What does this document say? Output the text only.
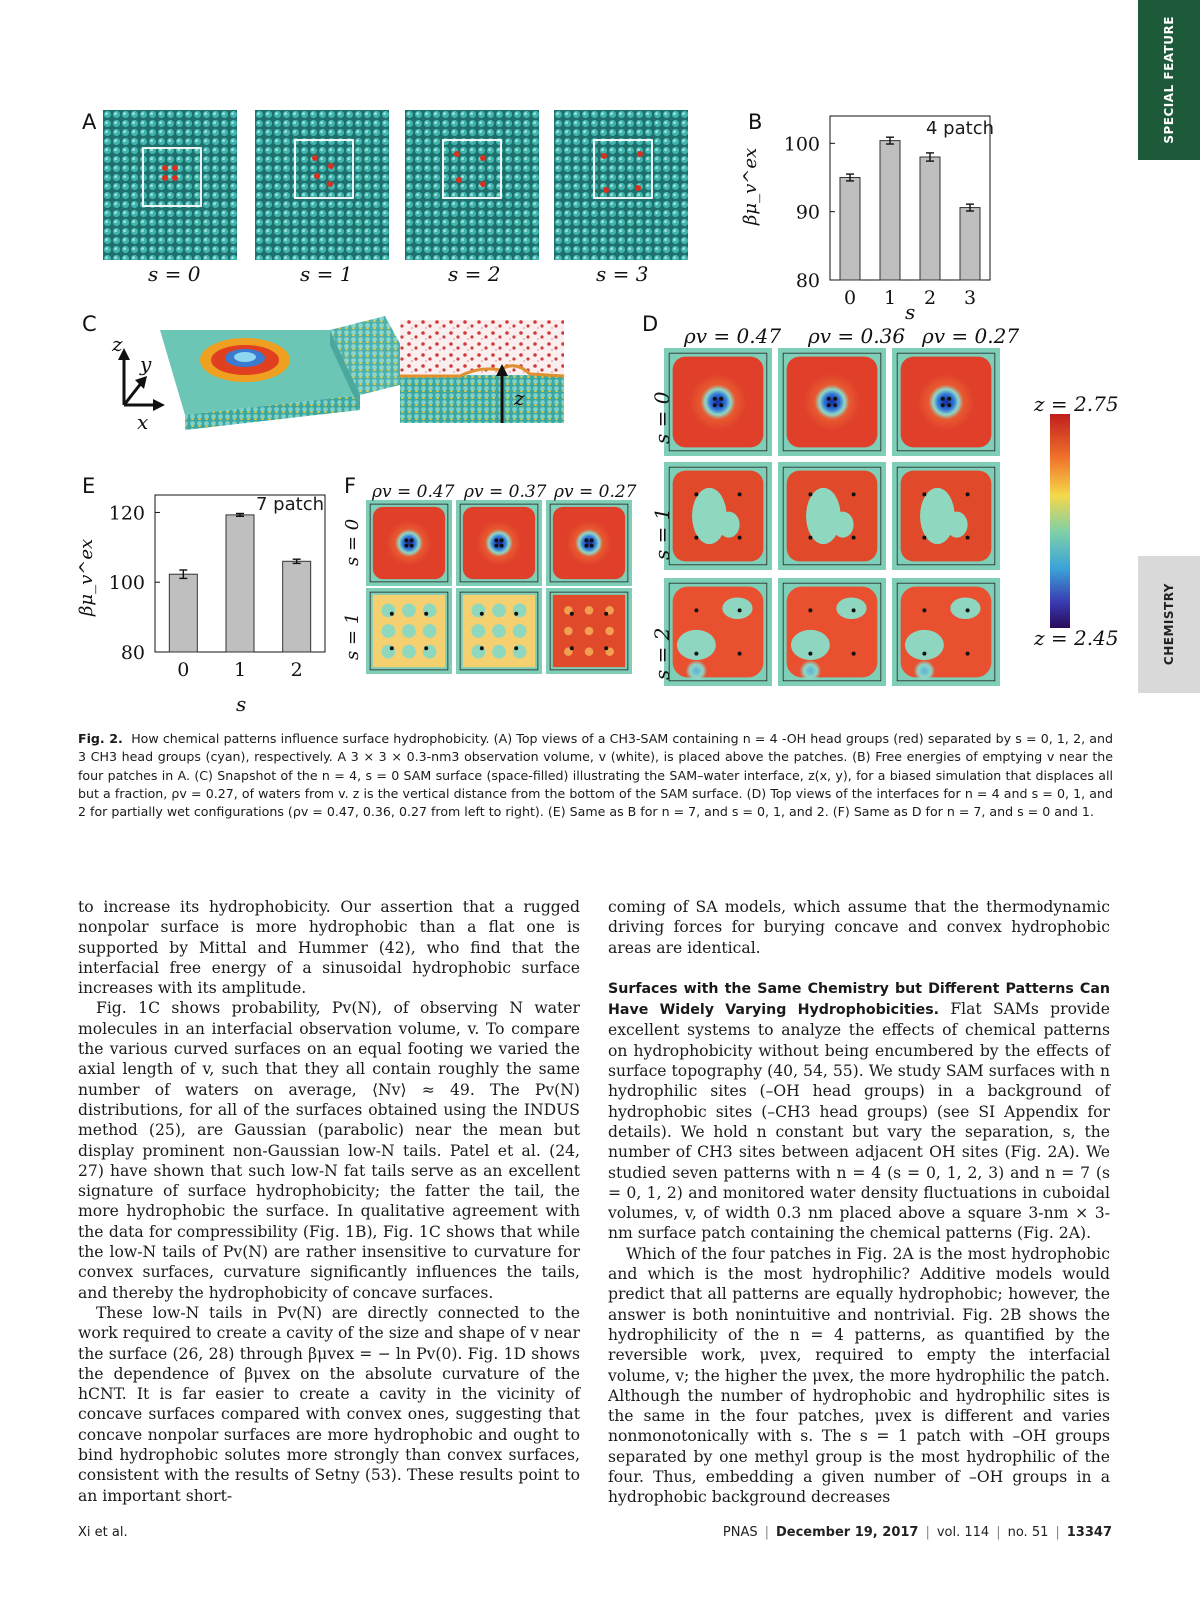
SPECIAL FEATURE
CHEMISTRY
0 1 2 3
80
90
100
0 1 2
80
100
120
A	B
C	D
E	F
s = 0	s = 1	s = 2	s = 3
4 patch
βμ_v^ex
s
z
y
x
z
ρv = 0.47 ρv = 0.36 ρv = 0.27
s = 0
s = 1
s = 2
z = 2.75
z = 2.45
7 patch
βμ_v^ex
s
ρv = 0.47 ρv = 0.37 ρv = 0.27
s = 0
s = 1
Fig. 2. How chemical patterns influence surface hydrophobicity. (A) Top views of a CH3-SAM containing n = 4 -OH head groups (red) separated by s = 0, 1, 2, and 3 CH3 head groups (cyan), respectively. A 3 × 3 × 0.3-nm3 observation volume, v (white), is placed above the patches. (B) Free energies of emptying v near the four patches in A. (C) Snapshot of the n = 4, s = 0 SAM surface (space-filled) illustrating the SAM–water interface, z(x, y), for a biased simulation that displaces all but a fraction, ρv = 0.27, of waters from v. z is the vertical distance from the bottom of the SAM surface. (D) Top views of the interfaces for n = 4 and s = 0, 1, and 2 for partially wet configurations (ρv = 0.47, 0.36, 0.27 from left to right). (E) Same as B for n = 7, and s = 0, 1, and 2. (F) Same as D for n = 7, and s = 0 and 1.

to increase its hydrophobicity. Our assertion that a rugged nonpolar surface is more hydrophobic than a flat one is supported by Mittal and Hummer (42), who find that the interfacial free energy of a sinusoidal hydrophobic surface increases with its amplitude.

Fig. 1C shows probability, Pv(N), of observing N water molecules in an interfacial observation volume, v. To compare the various curved surfaces on an equal footing we varied the axial length of v, such that they all contain roughly the same number of waters on average, ⟨Nv⟩ ≈ 49. The Pv(N) distributions, for all of the surfaces obtained using the INDUS method (25), are Gaussian (parabolic) near the mean but display prominent non-Gaussian low-N tails. Patel et al. (24, 27) have shown that such low-N fat tails serve as an excellent signature of surface hydrophobicity; the fatter the tail, the more hydrophobic the surface. In qualitative agreement with the data for compressibility (Fig. 1B), Fig. 1C shows that while the low-N tails of Pv(N) are rather insensitive to curvature for convex surfaces, curvature significantly influences the tails, and thereby the hydrophobicity of concave surfaces.

These low-N tails in Pv(N) are directly connected to the work required to create a cavity of the size and shape of v near the surface (26, 28) through βμvex = − ln Pv(0). Fig. 1D shows the dependence of βμvex on the absolute curvature of the hCNT. It is far easier to create a cavity in the vicinity of concave surfaces compared with convex ones, suggesting that concave nonpolar surfaces are more hydrophobic and ought to bind hydrophobic solutes more strongly than convex surfaces, consistent with the results of Setny (53). These results point to an important short-

coming of SA models, which assume that the thermodynamic driving forces for burying concave and convex hydrophobic areas are identical.

Surfaces with the Same Chemistry but Different Patterns Can Have Widely Varying Hydrophobicities. Flat SAMs provide excellent systems to analyze the effects of chemical patterns on hydrophobicity without being encumbered by the effects of surface topography (40, 54, 55). We study SAM surfaces with n hydrophilic sites (–OH head groups) in a background of hydrophobic sites (–CH3 head groups) (see SI Appendix for details). We hold n constant but vary the separation, s, the number of CH3 sites between adjacent OH sites (Fig. 2A). We studied seven patterns with n = 4 (s = 0, 1, 2, 3) and n = 7 (s = 0, 1, 2) and monitored water density fluctuations in cuboidal volumes, v, of width 0.3 nm placed above a square 3-nm × 3-nm surface patch containing the chemical patterns (Fig. 2A).

Which of the four patches in Fig. 2A is the most hydrophobic and which is the most hydrophilic? Additive models would predict that all patterns are equally hydrophobic; however, the answer is both nonintuitive and nontrivial. Fig. 2B shows the hydrophilicity of the n = 4 patterns, as quantified by the reversible work, μvex, required to empty the interfacial volume, v; the higher the μvex, the more hydrophilic the patch. Although the number of hydrophobic and hydrophilic sites is the same in the four patches, μvex is different and varies nonmonotonically with s. The s = 1 patch with –OH groups separated by one methyl group is the most hydrophilic of the four. Thus, embedding a given number of –OH groups in a hydrophobic background decreases

Xi et al.	PNAS | December 19, 2017 | vol. 114 | no. 51 | 13347
